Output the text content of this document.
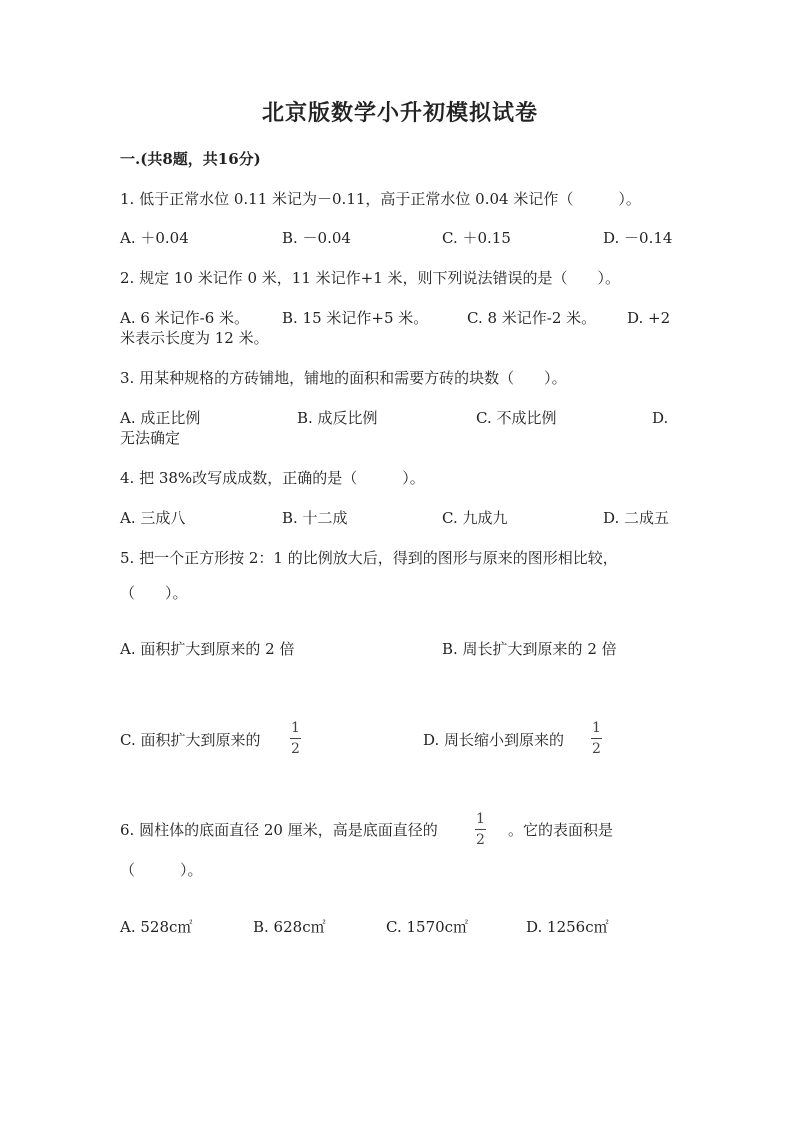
北京版数学小升初模拟试卷
一.(共8题，共16分)
1. 低于正常水位 0.11 米记为－0.11，高于正常水位 0.04 米记作（　　　）。
A. ＋0.04	B. －0.04	C. ＋0.15	D. －0.14
2. 规定 10 米记作 0 米，11 米记作+1 米，则下列说法错误的是（　　）。
A. 6 米记作-6 米。 B. 15 米记作+5 米。	C. 8 米记作-2 米。 D. +2
米表示长度为 12 米。
3. 用某种规格的方砖铺地，铺地的面积和需要方砖的块数（　　）。
A. 成正比例	B. 成反比例	C. 不成比例	D.
无法确定
4. 把 38%改写成成数，正确的是（　　　）。
A. 三成八	B. 十二成	C. 九成九	D. 二成五
5. 把一个正方形按 2：1 的比例放大后，得到的图形与原来的图形相比较，
（　　）。
A. 面积扩大到原来的 2 倍	B. 周长扩大到原来的 2 倍
C. 面积扩大到原来的
1
2	D. 周长缩小到原来的
1
2
6. 圆柱体的底面直径 20 厘米，高是底面直径的
1
2
。它的表面积是
（　　　）。
A. 528c㎡	B. 628c㎡	C. 1570c㎡	D. 1256c㎡
